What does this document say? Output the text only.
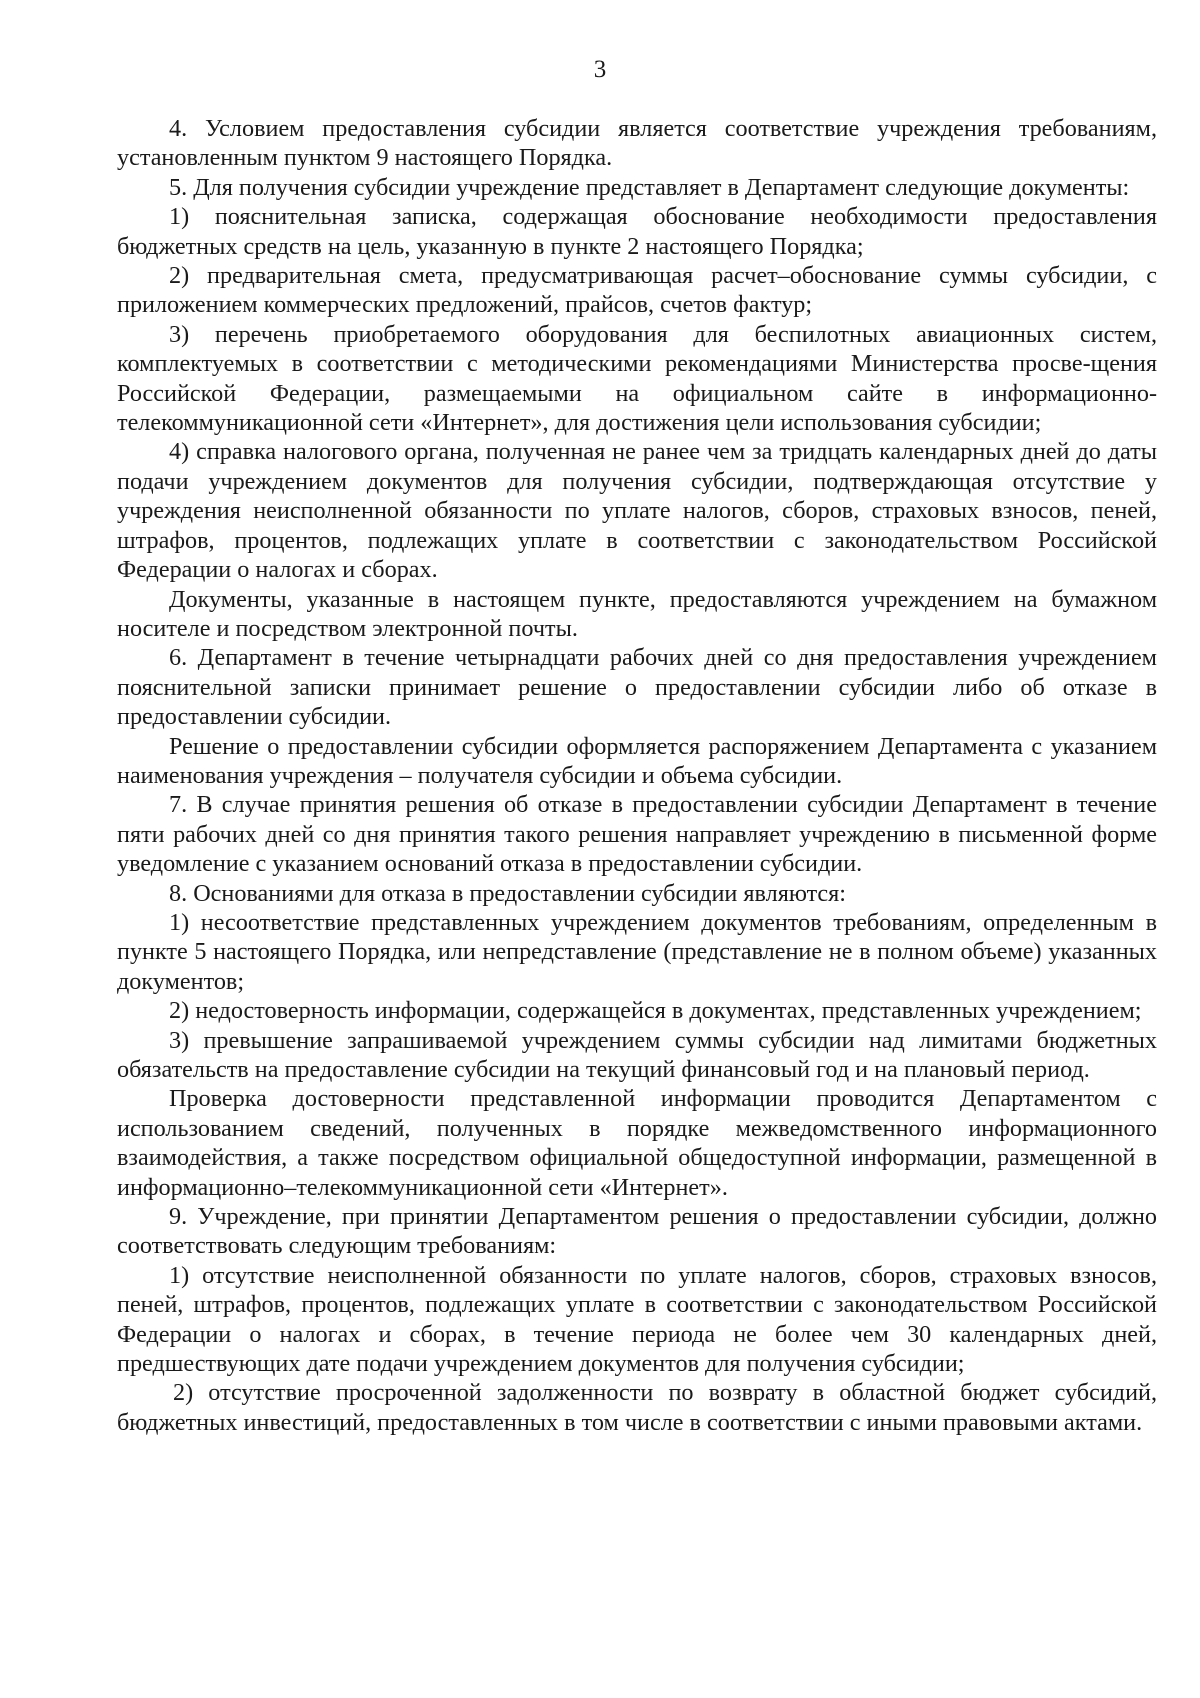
3

4. Условием предоставления субсидии является соответствие учреждения требованиям, установленным пунктом 9 настоящего Порядка.

5. Для получения субсидии учреждение представляет в Департамент следующие документы:

1) пояснительная записка, содержащая обоснование необходимости предоставления бюджетных средств на цель, указанную в пункте 2 настоящего Порядка;

2) предварительная смета, предусматривающая расчет–обоснование суммы субсидии, с приложением коммерческих предложений, прайсов, счетов фактур;

3) перечень приобретаемого оборудования для беспилотных авиационных систем, комплектуемых в соответствии с методическими рекомендациями Министерства просве-щения Российской Федерации, размещаемыми на официальном сайте в информационно-телекоммуникационной сети «Интернет», для достижения цели использования субсидии;

4) справка налогового органа, полученная не ранее чем за тридцать календарных дней до даты подачи учреждением документов для получения субсидии, подтверждающая отсутствие у учреждения неисполненной обязанности по уплате налогов, сборов, страховых взносов, пеней, штрафов, процентов, подлежащих уплате в соответствии с законодательством Российской Федерации о налогах и сборах.

Документы, указанные в настоящем пункте, предоставляются учреждением на бумажном носителе и посредством электронной почты.

6. Департамент в течение четырнадцати рабочих дней со дня предоставления учреждением пояснительной записки принимает решение о предоставлении субсидии либо об отказе в предоставлении субсидии.

Решение о предоставлении субсидии оформляется распоряжением Департамента с указанием наименования учреждения – получателя субсидии и объема субсидии.

7. В случае принятия решения об отказе в предоставлении субсидии Департамент в течение пяти рабочих дней со дня принятия такого решения направляет учреждению в письменной форме уведомление с указанием оснований отказа в предоставлении субсидии.

8. Основаниями для отказа в предоставлении субсидии являются:

1) несоответствие представленных учреждением документов требованиям, определенным в пункте 5 настоящего Порядка, или непредставление (представление не в полном объеме) указанных документов;

2) недостоверность информации, содержащейся в документах, представленных учреждением;

3) превышение запрашиваемой учреждением суммы субсидии над лимитами бюджетных обязательств на предоставление субсидии на текущий финансовый год и на плановый период.

Проверка достоверности представленной информации проводится Департаментом с использованием сведений, полученных в порядке межведомственного информационного взаимодействия, а также посредством официальной общедоступной информации, размещенной в информационно–телекоммуникационной сети «Интернет».

9. Учреждение, при принятии Департаментом решения о предоставлении субсидии, должно соответствовать следующим требованиям:

1) отсутствие неисполненной обязанности по уплате налогов, сборов, страховых взносов, пеней, штрафов, процентов, подлежащих уплате в соответствии с законодательством Российской Федерации о налогах и сборах, в течение периода не более чем 30 календарных дней, предшествующих дате подачи учреждением документов для получения субсидии;

2) отсутствие просроченной задолженности по возврату в областной бюджет субсидий, бюджетных инвестиций, предоставленных в том числе в соответствии с иными правовыми актами.
